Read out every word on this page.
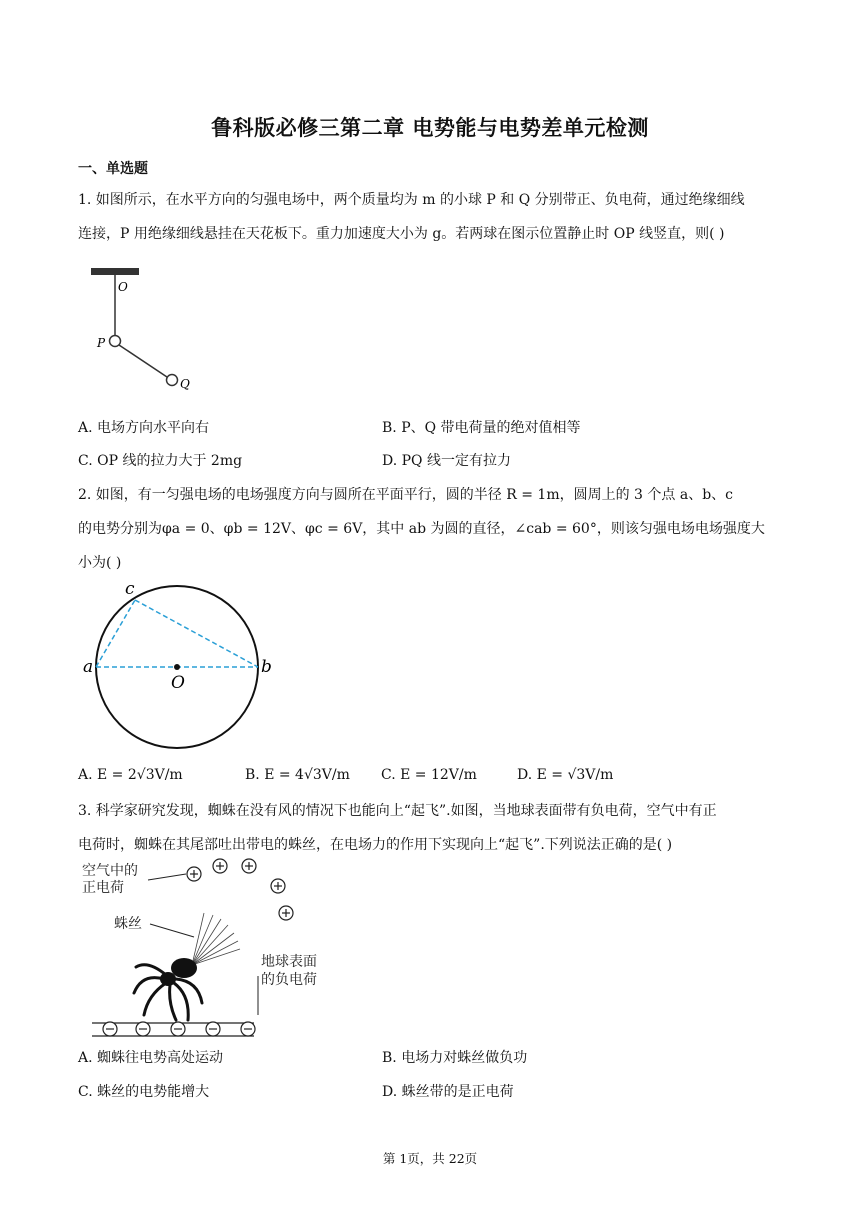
鲁科版必修三第二章 电势能与电势差单元检测
一、单选题
1. 如图所示，在水平方向的匀强电场中，两个质量均为 m 的小球 P 和 Q 分别带正、负电荷，通过绝缘细线
连接，P 用绝缘细线悬挂在天花板下。重力加速度大小为 g。若两球在图示位置静止时 OP 线竖直，则( )
O
P
Q
A. 电场方向水平向右	B. P、Q 带电荷量的绝对值相等
C. OP 线的拉力大于 2mg	D. PQ 线一定有拉力
2. 如图，有一匀强电场的电场强度方向与圆所在平面平行，圆的半径 R = 1m，圆周上的 3 个点 a、b、c
的电势分别为φa = 0、φb = 12V、φc = 6V，其中 ab 为圆的直径，∠cab = 60°，则该匀强电场电场强度大
小为( )
a	b
c
O
A. E = 2√3V/m	B. E = 4√3V/m C. E = 12V/m	D. E = √3V/m
3. 科学家研究发现，蜘蛛在没有风的情况下也能向上“起飞”.如图，当地球表面带有负电荷，空气中有正
电荷时，蜘蛛在其尾部吐出带电的蛛丝，在电场力的作用下实现向上“起飞”.下列说法正确的是( )
空气中的
正电荷
蛛丝
地球表面
的负电荷
A. 蜘蛛往电势高处运动	B. 电场力对蛛丝做负功
C. 蛛丝的电势能增大	D. 蛛丝带的是正电荷
第 1页，共 22页
